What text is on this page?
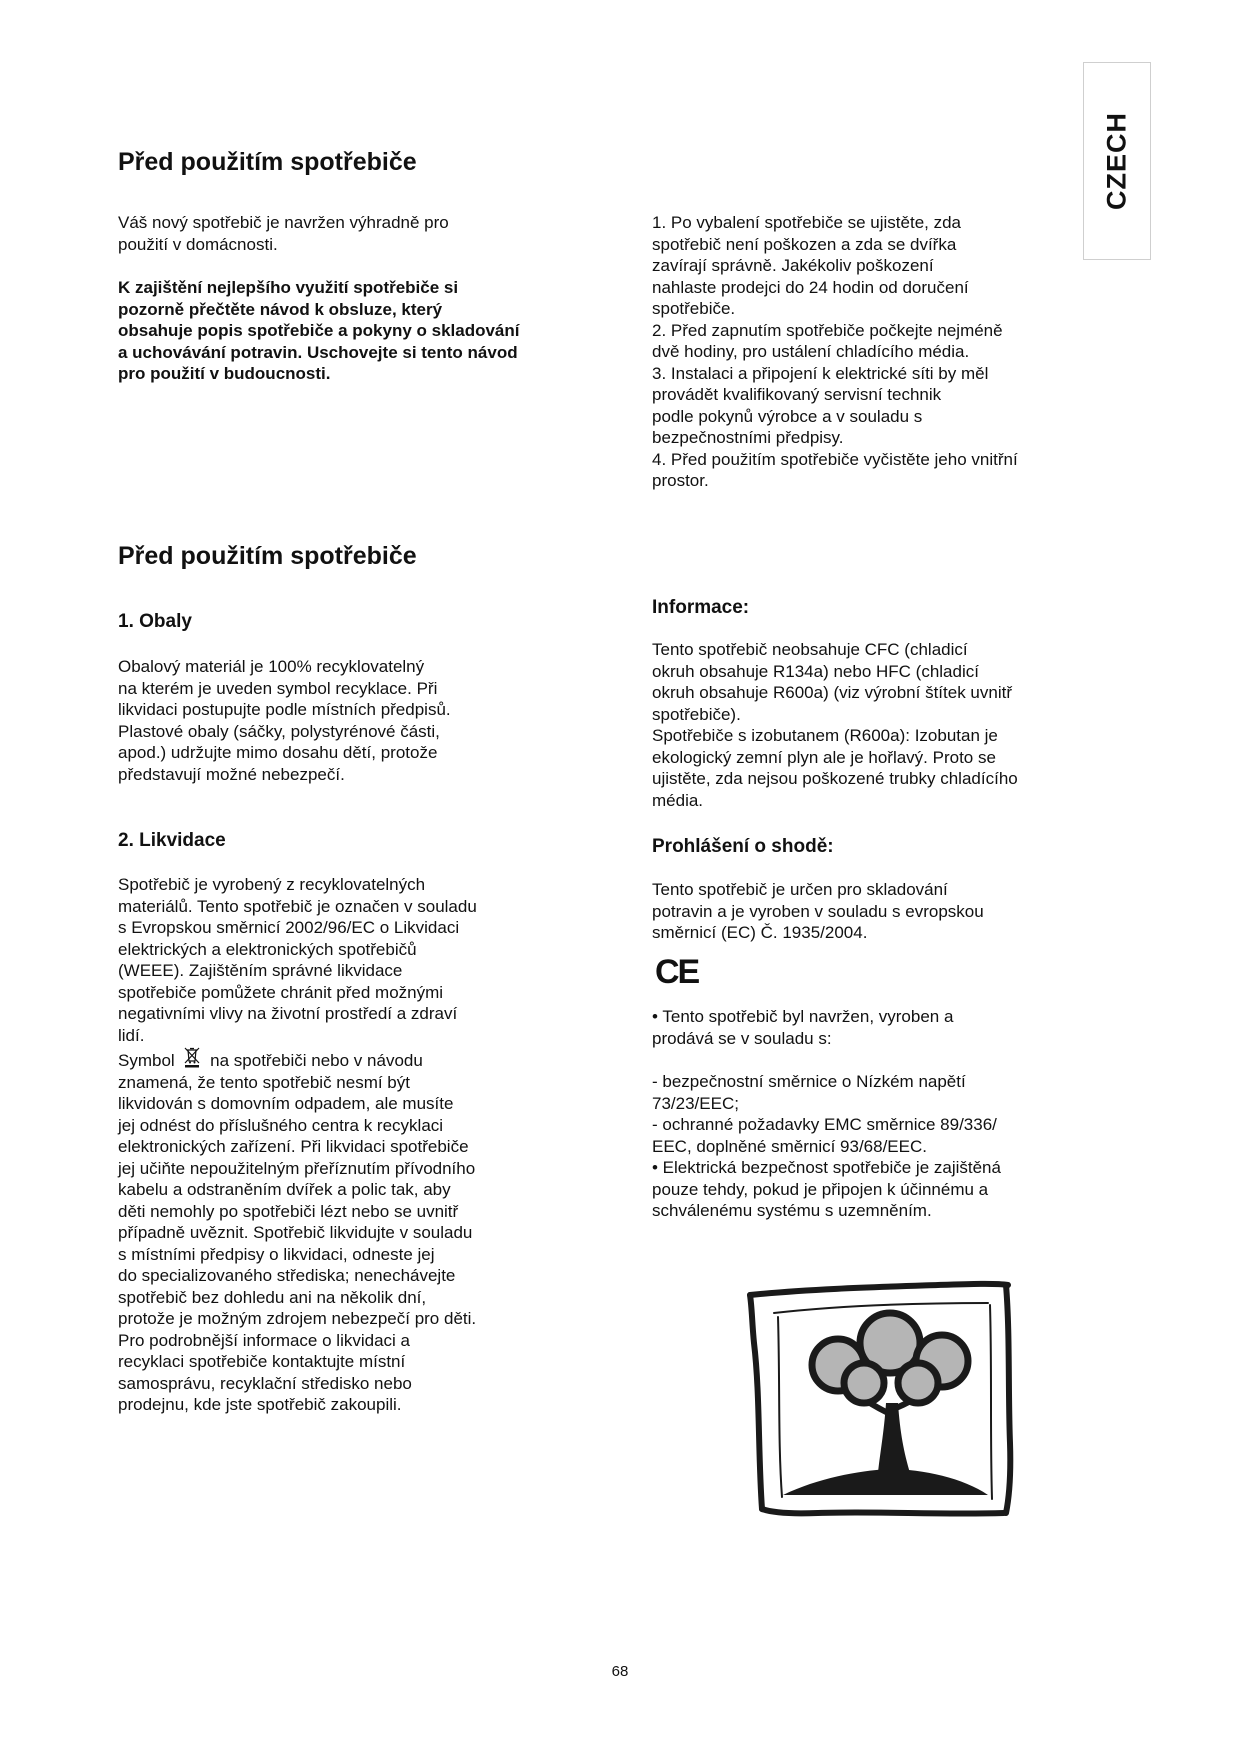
CZECH
Před použitím spotřebiče
Váš nový spotřebič je navržen výhradně pro
použití v domácnosti.
K zajištění nejlepšího využití spotřebiče si
pozorně přečtěte návod k obsluze, který
obsahuje popis spotřebiče a pokyny o skladování
a uchovávání potravin. Uschovejte si tento návod
pro použití v budoucnosti.
1. Po vybalení spotřebiče se ujistěte, zda
spotřebič není poškozen a zda se dvířka
zavírají správně. Jakékoliv poškození
nahlaste prodejci do 24 hodin od doručení
spotřebiče.
2. Před zapnutím spotřebiče počkejte nejméně
dvě hodiny, pro ustálení chladícího média.
3. Instalaci a připojení k elektrické síti by měl
provádět kvalifikovaný servisní technik
podle pokynů výrobce a v souladu s
bezpečnostními předpisy.
4. Před použitím spotřebiče vyčistěte jeho vnitřní
prostor.
Před použitím spotřebiče
1. Obaly
Obalový materiál je 100% recyklovatelný
na kterém je uveden symbol recyklace. Při
likvidaci postupujte podle místních předpisů.
Plastové obaly (sáčky, polystyrénové části,
apod.) udržujte mimo dosahu dětí, protože
představují možné nebezpečí.
2. Likvidace
Spotřebič je vyrobený z recyklovatelných
materiálů. Tento spotřebič je označen v souladu
s Evropskou směrnicí 2002/96/EC o Likvidaci
elektrických a elektronických spotřebičů
(WEEE). Zajištěním správné likvidace
spotřebiče pomůžete chránit před možnými
negativními vlivy na životní prostředí a zdraví
lidí.
Symbol na spotřebiči nebo v návodu
znamená, že tento spotřebič nesmí být
likvidován s domovním odpadem, ale musíte
jej odnést do příslušného centra k recyklaci
elektronických zařízení. Při likvidaci spotřebiče
jej učiňte nepoužitelným přeříznutím přívodního
kabelu a odstraněním dvířek a polic tak, aby
děti nemohly po spotřebiči lézt nebo se uvnitř
případně uvěznit. Spotřebič likvidujte v souladu
s místními předpisy o likvidaci, odneste jej
do specializovaného střediska; nenechávejte
spotřebič bez dohledu ani na několik dní,
protože je možným zdrojem nebezpečí pro děti.
Pro podrobnější informace o likvidaci a
recyklaci spotřebiče kontaktujte místní
samosprávu, recyklační středisko nebo
prodejnu, kde jste spotřebič zakoupili.
Informace:
Tento spotřebič neobsahuje CFC (chladicí
okruh obsahuje R134a) nebo HFC (chladicí
okruh obsahuje R600a) (viz výrobní štítek uvnitř
spotřebiče).
Spotřebiče s izobutanem (R600a): Izobutan je
ekologický zemní plyn ale je hořlavý. Proto se
ujistěte, zda nejsou poškozené trubky chladícího
média.
Prohlášení o shodě:
Tento spotřebič je určen pro skladování
potravin a je vyroben v souladu s evropskou
směrnicí (EC) Č. 1935/2004.
CE
• Tento spotřebič byl navržen, vyroben a
prodává se v souladu s:
- bezpečnostní směrnice o Nízkém napětí
73/23/EEC;
- ochranné požadavky EMC směrnice 89/336/
EEC, doplněné směrnicí 93/68/EEC.
• Elektrická bezpečnost spotřebiče je zajištěná
pouze tehdy, pokud je připojen k účinnému a
schválenému systému s uzemněním.
68
